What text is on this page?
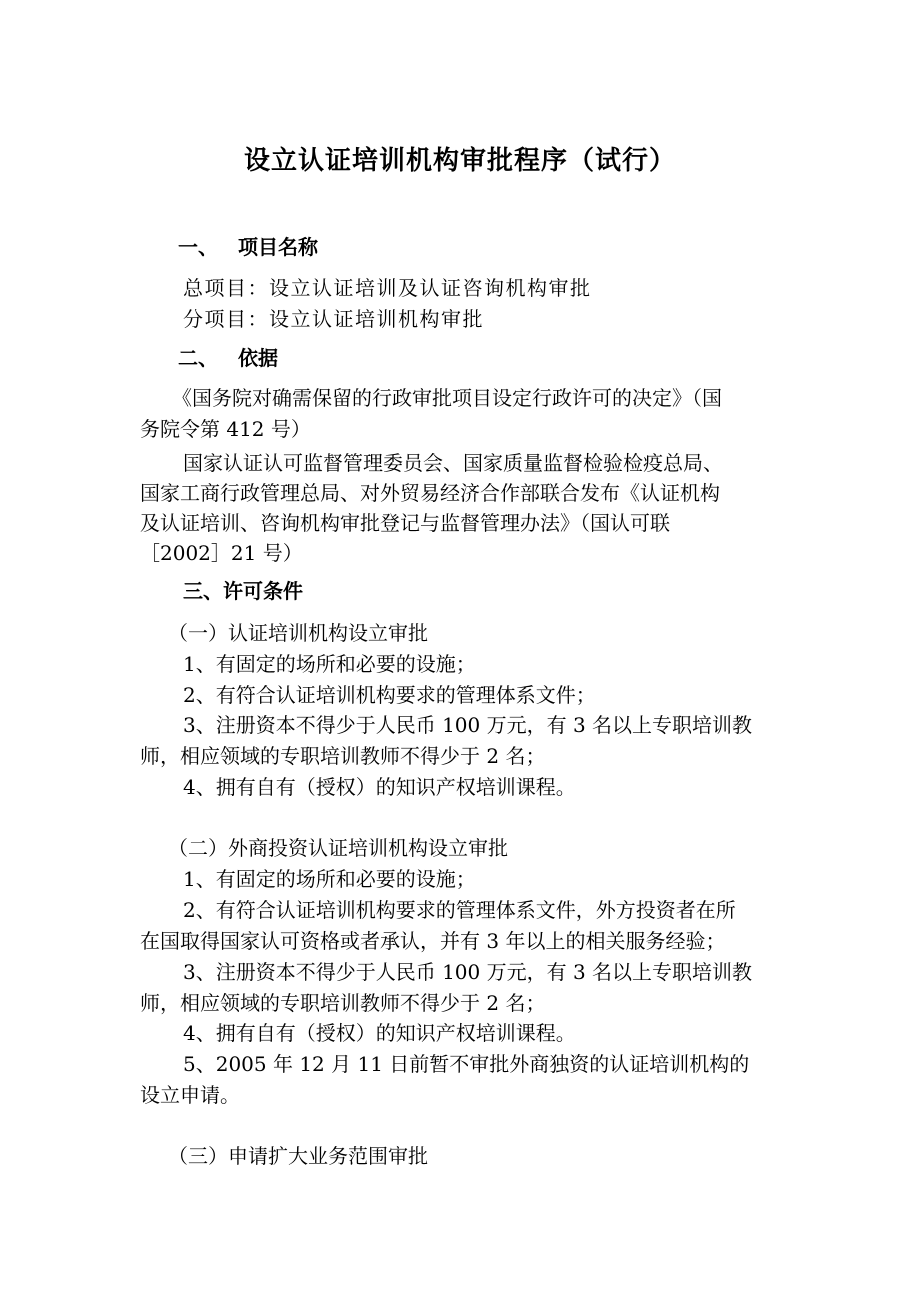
设立认证培训机构审批程序（试行）

一、 项目名称

总项目：设立认证培训及认证咨询机构审批

分项目：设立认证培训机构审批

二、 依据

《国务院对确需保留的行政审批项目设定行政许可的决定》（国

务院令第 412 号）

国家认证认可监督管理委员会、国家质量监督检验检疫总局、

国家工商行政管理总局、对外贸易经济合作部联合发布《认证机构

及认证培训、咨询机构审批登记与监督管理办法》（国认可联

［2002］21 号）

三、许可条件

（一）认证培训机构设立审批

1、有固定的场所和必要的设施；

2、有符合认证培训机构要求的管理体系文件；

3、注册资本不得少于人民币 100 万元，有 3 名以上专职培训教

师，相应领域的专职培训教师不得少于 2 名；

4、拥有自有（授权）的知识产权培训课程。

（二）外商投资认证培训机构设立审批

1、有固定的场所和必要的设施；

2、有符合认证培训机构要求的管理体系文件，外方投资者在所

在国取得国家认可资格或者承认，并有 3 年以上的相关服务经验；

3、注册资本不得少于人民币 100 万元，有 3 名以上专职培训教

师，相应领域的专职培训教师不得少于 2 名；

4、拥有自有（授权）的知识产权培训课程。

5、2005 年 12 月 11 日前暂不审批外商独资的认证培训机构的

设立申请。

（三）申请扩大业务范围审批
